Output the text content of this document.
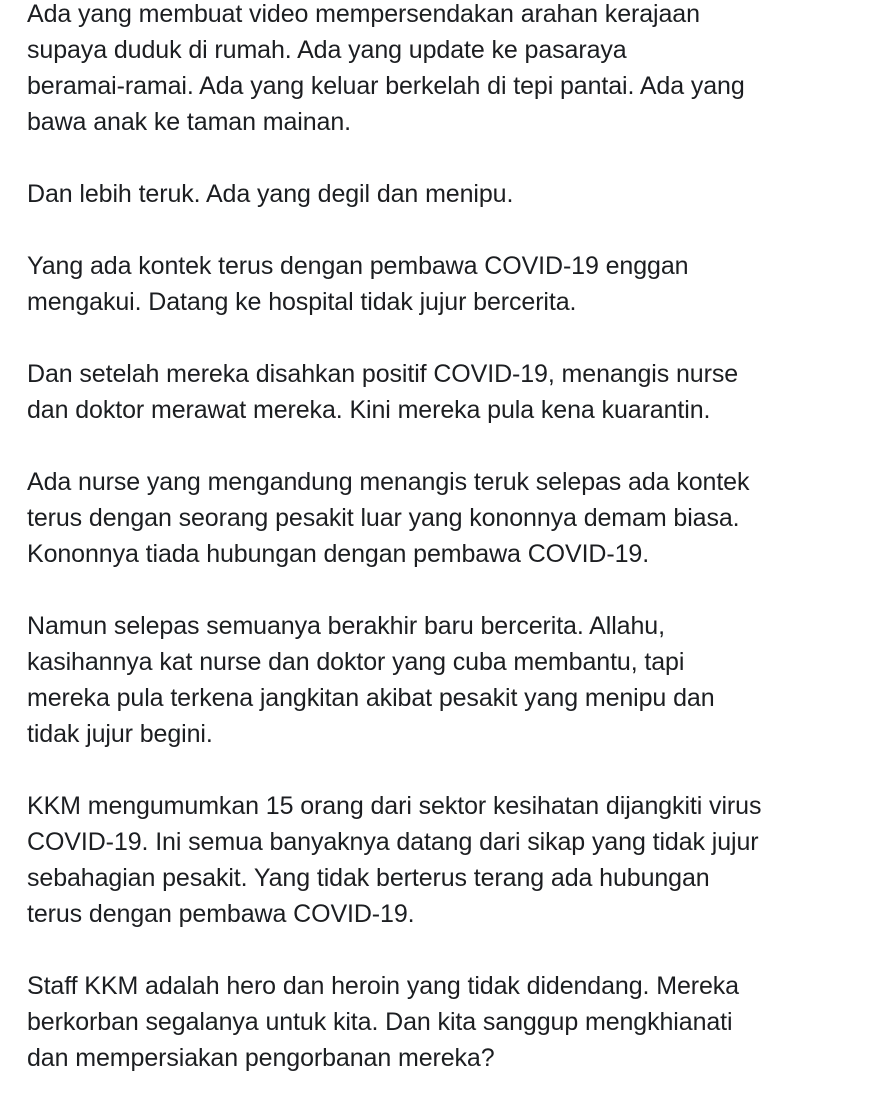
Ada yang membuat video mempersendakan arahan kerajaan
supaya duduk di rumah. Ada yang update ke pasaraya
beramai-ramai. Ada yang keluar berkelah di tepi pantai. Ada yang
bawa anak ke taman mainan.

Dan lebih teruk. Ada yang degil dan menipu.

Yang ada kontek terus dengan pembawa COVID-19 enggan
mengakui. Datang ke hospital tidak jujur bercerita.

Dan setelah mereka disahkan positif COVID-19, menangis nurse
dan doktor merawat mereka. Kini mereka pula kena kuarantin.

Ada nurse yang mengandung menangis teruk selepas ada kontek
terus dengan seorang pesakit luar yang kononnya demam biasa.
Kononnya tiada hubungan dengan pembawa COVID-19.

Namun selepas semuanya berakhir baru bercerita. Allahu,
kasihannya kat nurse dan doktor yang cuba membantu, tapi
mereka pula terkena jangkitan akibat pesakit yang menipu dan
tidak jujur begini.

KKM mengumumkan 15 orang dari sektor kesihatan dijangkiti virus
COVID-19. Ini semua banyaknya datang dari sikap yang tidak jujur
sebahagian pesakit. Yang tidak berterus terang ada hubungan
terus dengan pembawa COVID-19.

Staff KKM adalah hero dan heroin yang tidak didendang. Mereka
berkorban segalanya untuk kita. Dan kita sanggup mengkhianati
dan mempersiakan pengorbanan mereka?
